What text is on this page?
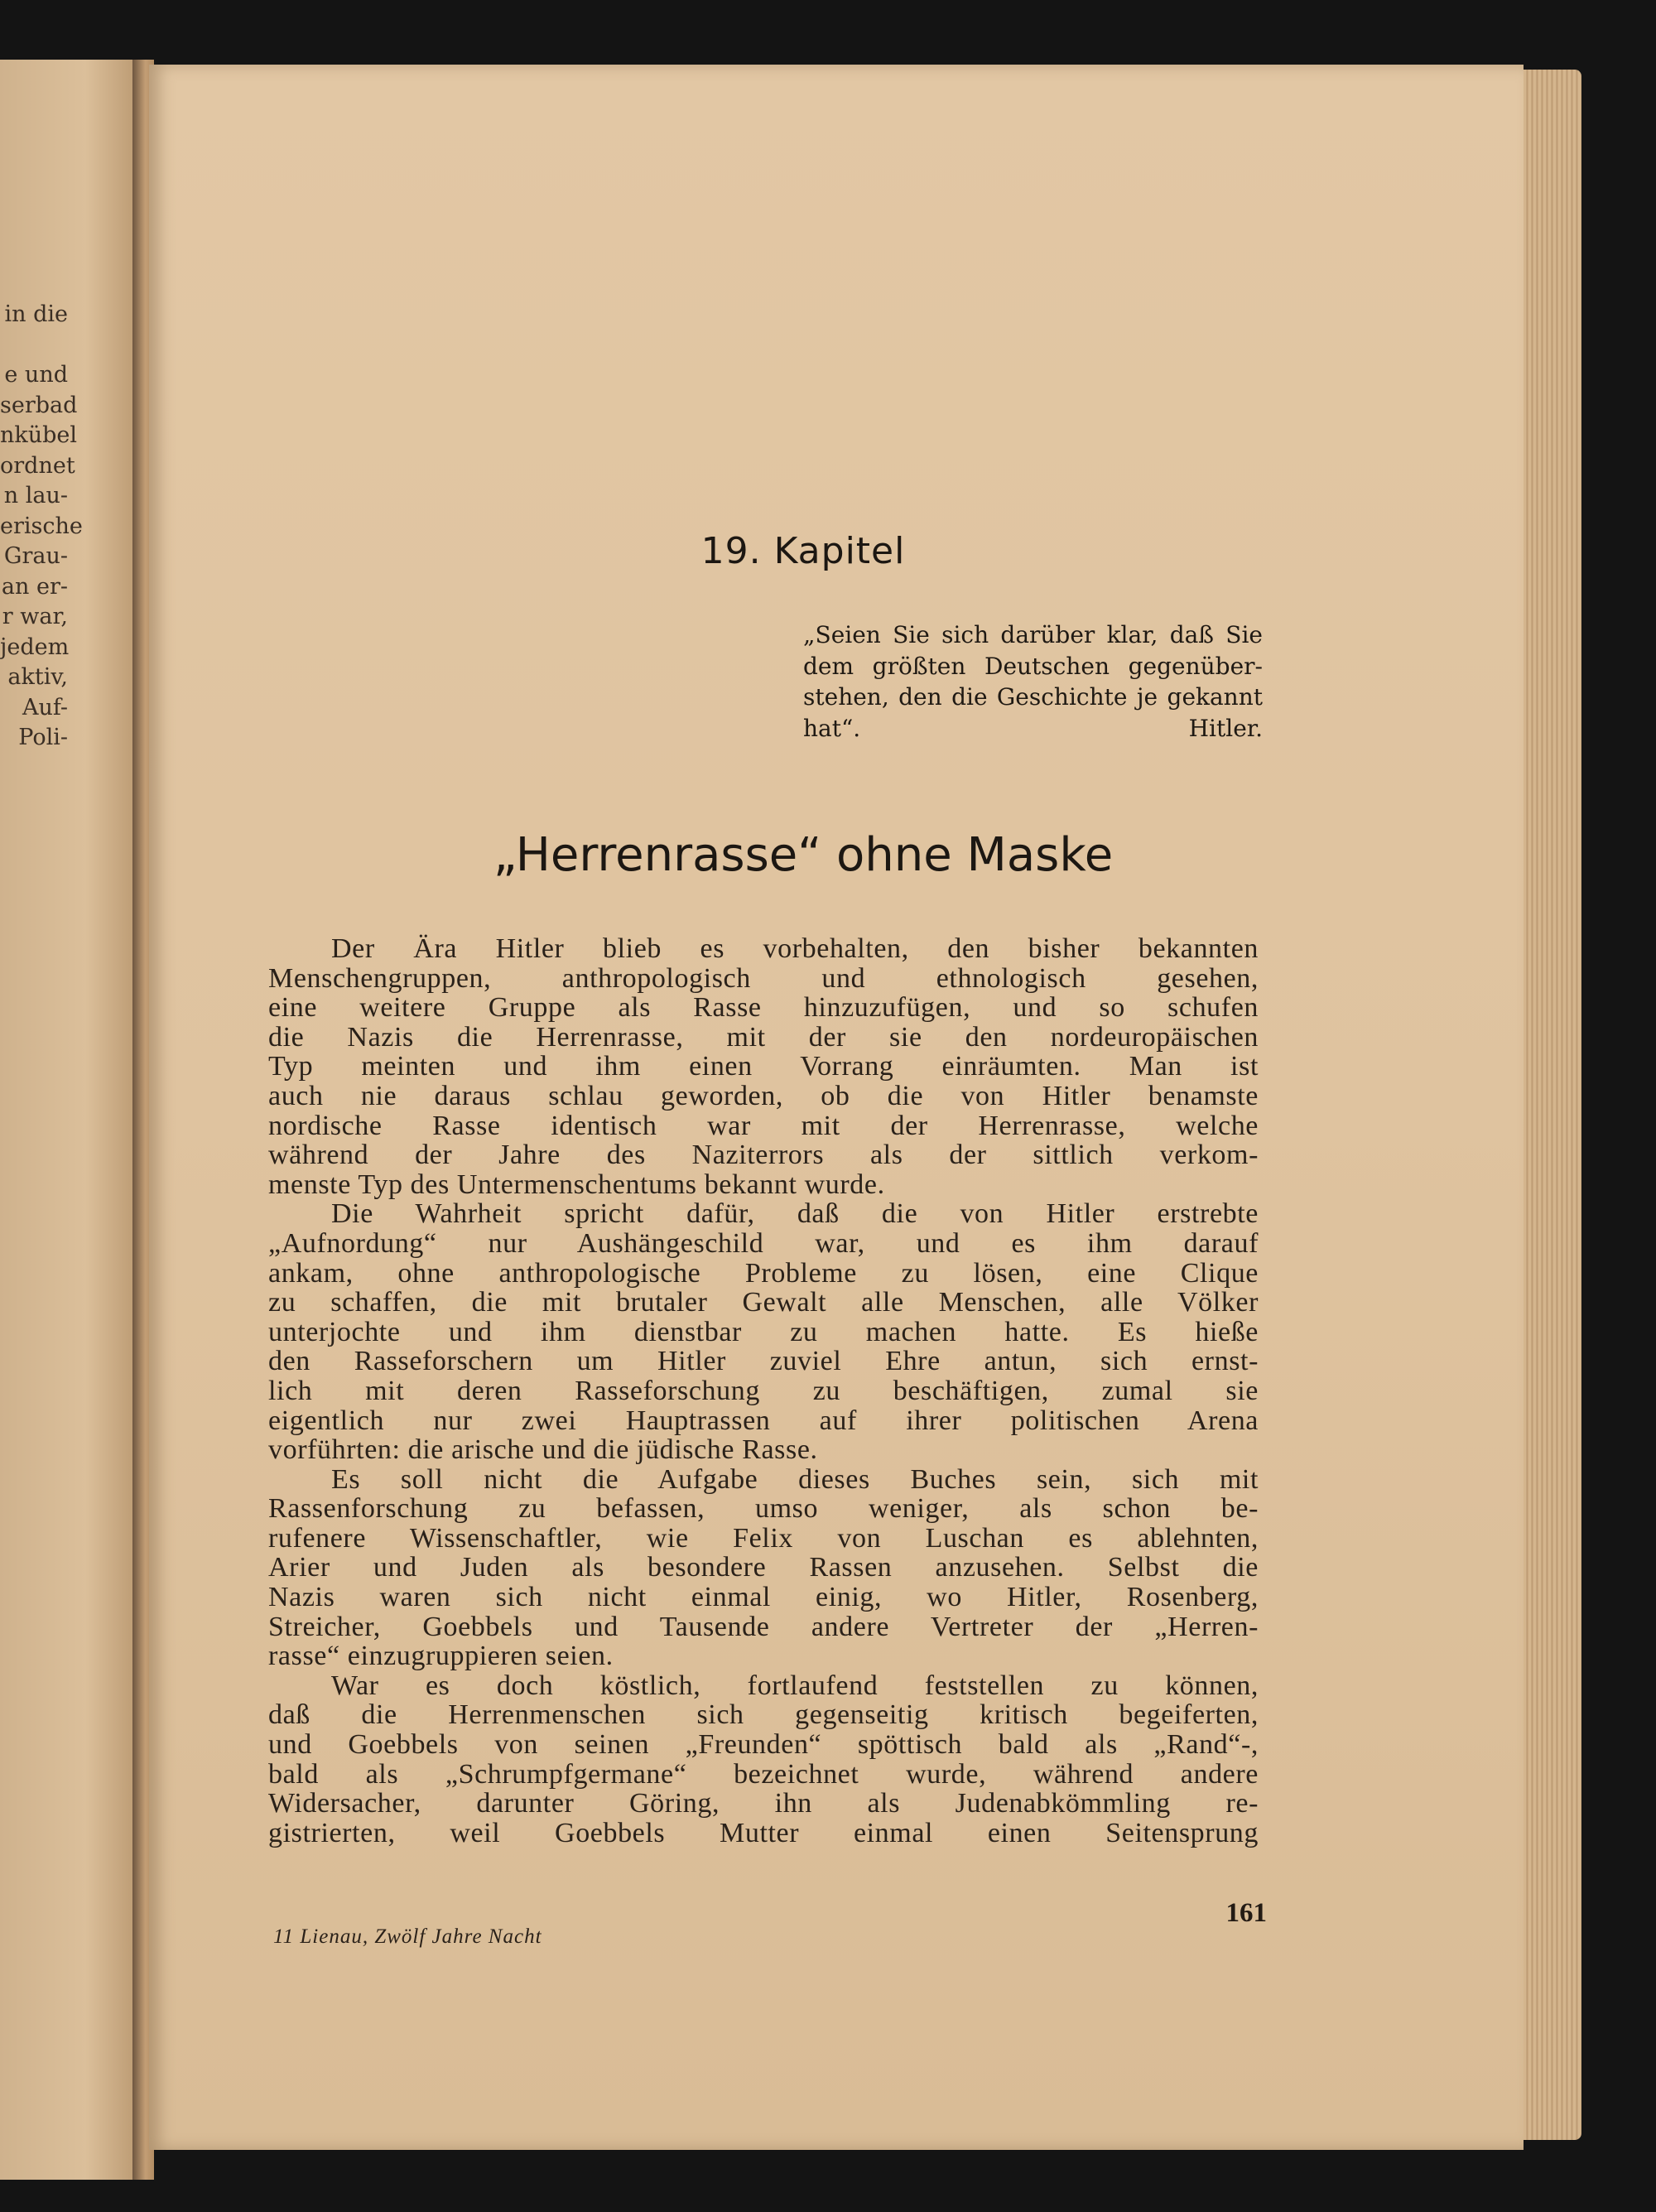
in die

e und
serbad
nkübel
ordnet
n lau-
erische
Grau-
an er-
r war,
jedem
aktiv,
Auf-
Poli-
19. Kapitel
„Seien Sie sich darüber klar, daß Sie
dem größten Deutschen gegenüber-
stehen, den die Geschichte je gekannt
hat“.	Hitler.
„Herrenrasse“ ohne Maske
Der Ära Hitler blieb es vorbehalten, den bisher bekannten
Menschengruppen, anthropologisch und ethnologisch gesehen,
eine weitere Gruppe als Rasse hinzuzufügen, und so schufen
die Nazis die Herrenrasse, mit der sie den nordeuropäischen
Typ meinten und ihm einen Vorrang einräumten. Man ist
auch nie daraus schlau geworden, ob die von Hitler benamste
nordische Rasse identisch war mit der Herrenrasse, welche
während der Jahre des Naziterrors als der sittlich verkom-
menste Typ des Untermenschentums bekannt wurde.
Die Wahrheit spricht dafür, daß die von Hitler erstrebte
„Aufnordung“ nur Aushängeschild war, und es ihm darauf
ankam, ohne anthropologische Probleme zu lösen, eine Clique
zu schaffen, die mit brutaler Gewalt alle Menschen, alle Völker
unterjochte und ihm dienstbar zu machen hatte. Es hieße
den Rasseforschern um Hitler zuviel Ehre antun, sich ernst-
lich mit deren Rasseforschung zu beschäftigen, zumal sie
eigentlich nur zwei Hauptrassen auf ihrer politischen Arena
vorführten: die arische und die jüdische Rasse.
Es soll nicht die Aufgabe dieses Buches sein, sich mit
Rassenforschung zu befassen, umso weniger, als schon be-
rufenere Wissenschaftler, wie Felix von Luschan es ablehnten,
Arier und Juden als besondere Rassen anzusehen. Selbst die
Nazis waren sich nicht einmal einig, wo Hitler, Rosenberg,
Streicher, Goebbels und Tausende andere Vertreter der „Herren-
rasse“ einzugruppieren seien.
War es doch köstlich, fortlaufend feststellen zu können,
daß die Herrenmenschen sich gegenseitig kritisch begeiferten,
und Goebbels von seinen „Freunden“ spöttisch bald als „Rand“-,
bald als „Schrumpfgermane“ bezeichnet wurde, während andere
Widersacher, darunter Göring, ihn als Judenabkömmling re-
gistrierten, weil Goebbels Mutter einmal einen Seitensprung
161
11 Lienau, Zwölf Jahre Nacht
